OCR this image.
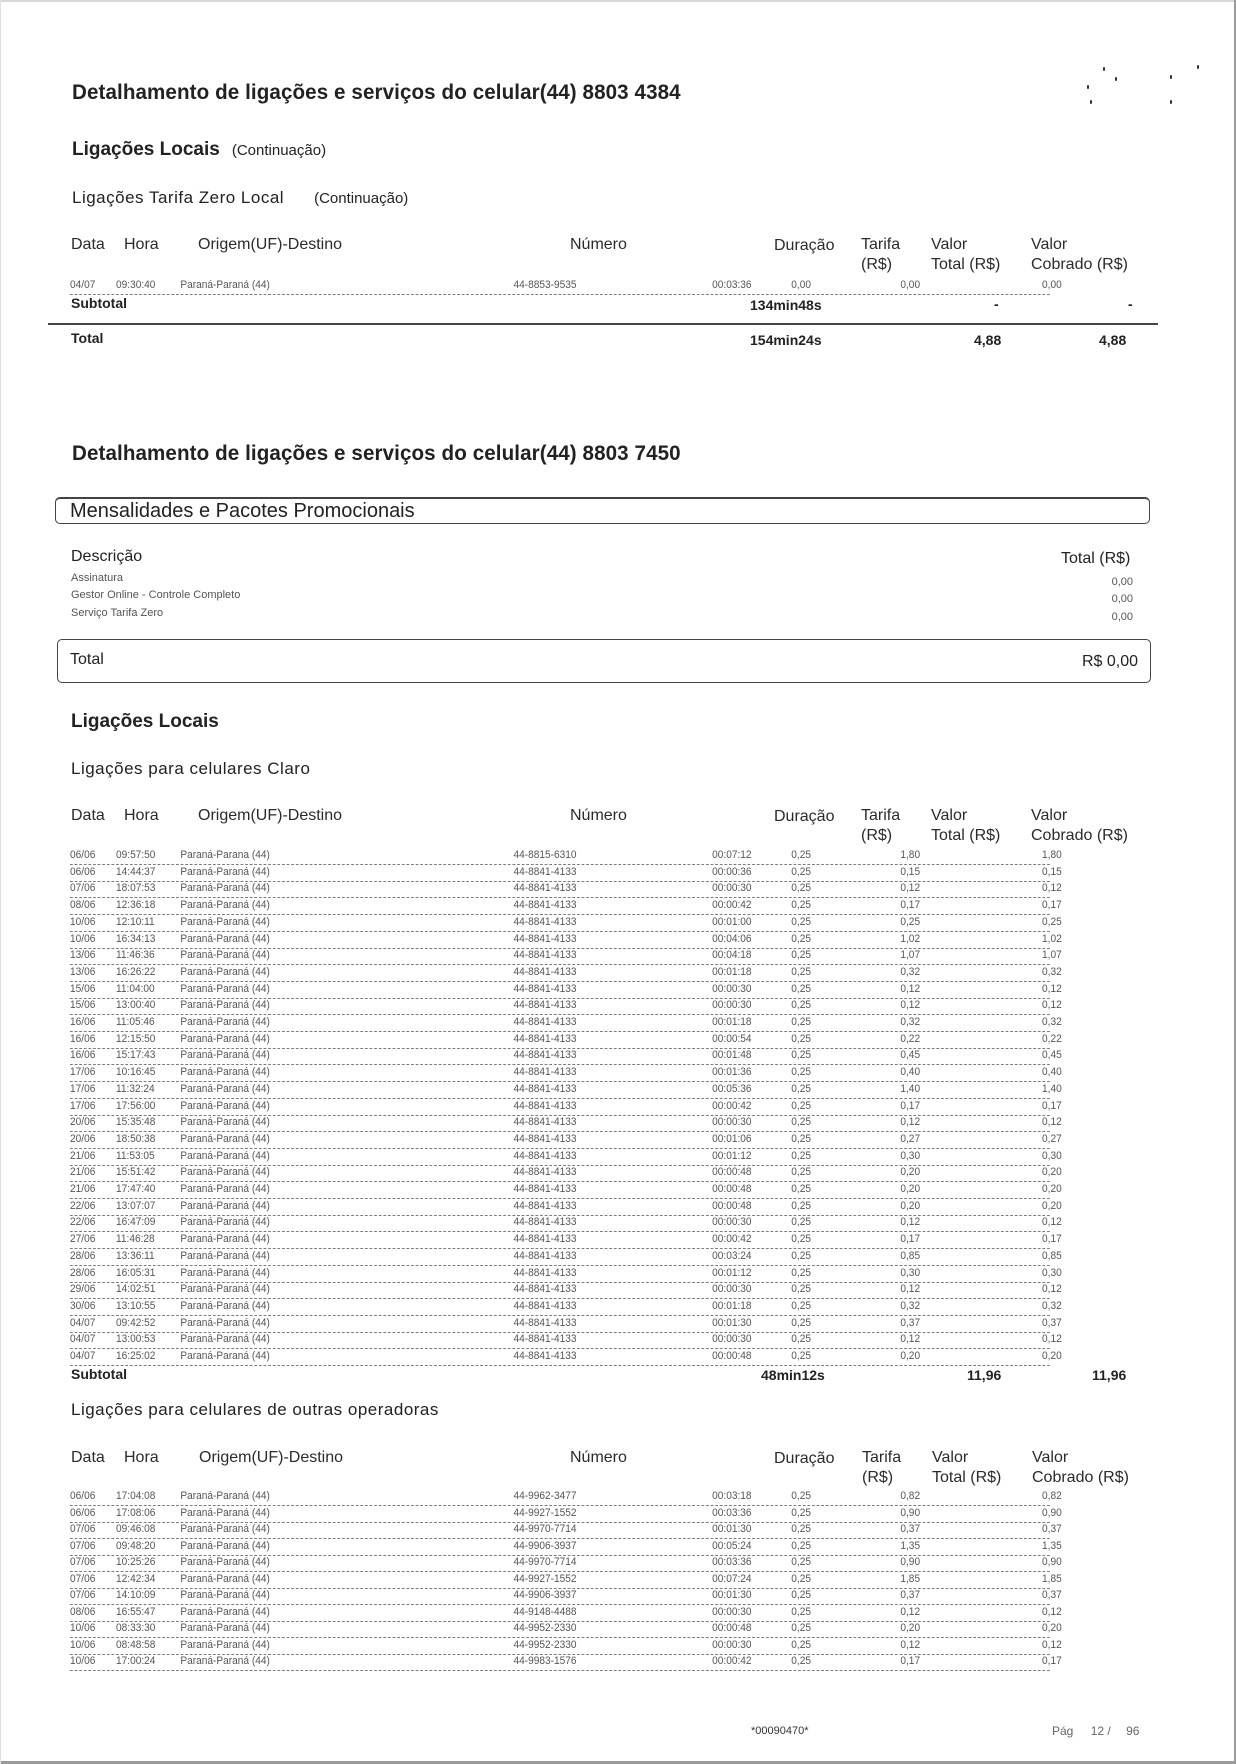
Detalhamento de ligações e serviços do celular(44) 8803 4384
Ligações Locais (Continuação)
Ligações Tarifa Zero Local (Continuação)
Data Hora Origem(UF)-Destino	Número	Duração Tarifa
(R$)
Valor
Total (R$)
Valor
Cobrado (R$)
04/07 09:30:40 Paraná-Paraná (44)	44-8853-9535	00:03:36	0,00	0,00	0,00
Subtotal	134min48s	-	-
Total	154min24s	4,88	4,88
Detalhamento de ligações e serviços do celular(44) 8803 7450
Mensalidades e Pacotes Promocionais
Descrição	Total (R$)
Assinatura	0,00
Gestor Online - Controle Completo	0,00
Serviço Tarifa Zero	0,00
Total	R$ 0,00
Ligações Locais
Ligações para celulares Claro
Data Hora Origem(UF)-Destino	Número	Duração Tarifa
(R$)
Valor
Total (R$)
Valor
Cobrado (R$)
06/06 09:57:50 Paraná-Parana (44)	44-8815-6310	00:07:12	0,25	1,80	1,80
06/06 14:44:37 Paraná-Paraná (44)	44-8841-4133	00:00:36	0,25	0,15	0,15
07/06 18:07:53 Paraná-Paraná (44)	44-8841-4133	00:00:30	0,25	0,12	0,12
08/06 12:36:18 Paraná-Paraná (44)	44-8841-4133	00:00:42	0,25	0,17	0,17
10/06 12:10:11 Paraná-Paraná (44)	44-8841-4133	00:01:00	0,25	0,25	0,25
10/06 16:34:13 Paraná-Paraná (44)	44-8841-4133	00:04:06	0,25	1,02	1,02
13/06 11:46:36 Paraná-Paraná (44)	44-8841-4133	00:04:18	0,25	1,07	1,07
13/06 16:26:22 Paraná-Paraná (44)	44-8841-4133	00:01:18	0,25	0,32	0,32
15/06 11:04:00 Paraná-Paraná (44)	44-8841-4133	00:00:30	0,25	0,12	0,12
15/06 13:00:40 Paraná-Paraná (44)	44-8841-4133	00:00:30	0,25	0,12	0,12
16/06 11:05:46 Paraná-Paraná (44)	44-8841-4133	00:01:18	0,25	0,32	0,32
16/06 12:15:50 Paraná-Paraná (44)	44-8841-4133	00:00:54	0,25	0,22	0,22
16/06 15:17:43 Paraná-Paraná (44)	44-8841-4133	00:01:48	0,25	0,45	0,45
17/06 10:16:45 Paraná-Paraná (44)	44-8841-4133	00:01:36	0,25	0,40	0,40
17/06 11:32:24 Paraná-Paraná (44)	44-8841-4133	00:05:36	0,25	1,40	1,40
17/06 17:56:00 Paraná-Paraná (44)	44-8841-4133	00:00:42	0,25	0,17	0,17
20/06 15:35:48 Paraná-Paraná (44)	44-8841-4133	00:00:30	0,25	0,12	0,12
20/06 18:50:38 Paraná-Paraná (44)	44-8841-4133	00:01:06	0,25	0,27	0,27
21/06 11:53:05 Paraná-Paraná (44)	44-8841-4133	00:01:12	0,25	0,30	0,30
21/06 15:51:42 Paraná-Paraná (44)	44-8841-4133	00:00:48	0,25	0,20	0,20
21/06 17:47:40 Paraná-Paraná (44)	44-8841-4133	00:00:48	0,25	0,20	0,20
22/06 13:07:07 Paraná-Paraná (44)	44-8841-4133	00:00:48	0,25	0,20	0,20
22/06 16:47:09 Paraná-Paraná (44)	44-8841-4133	00:00:30	0,25	0,12	0,12
27/06 11:46:28 Paraná-Paraná (44)	44-8841-4133	00:00:42	0,25	0,17	0,17
28/06 13:36:11 Paraná-Paraná (44)	44-8841-4133	00:03:24	0,25	0,85	0,85
28/06 16:05:31 Paraná-Paraná (44)	44-8841-4133	00:01:12	0,25	0,30	0,30
29/06 14:02:51 Paraná-Paraná (44)	44-8841-4133	00:00:30	0,25	0,12	0,12
30/06 13:10:55 Paraná-Paraná (44)	44-8841-4133	00:01:18	0,25	0,32	0,32
04/07 09:42:52 Paraná-Paraná (44)	44-8841-4133	00:01:30	0,25	0,37	0,37
04/07 13:00:53 Paraná-Paraná (44)	44-8841-4133	00:00:30	0,25	0,12	0,12
04/07 16:25:02 Paraná-Paraná (44)	44-8841-4133	00:00:48	0,25	0,20	0,20
Subtotal	48min12s	11,96	11,96
Ligações para celulares de outras operadoras
Data Hora	Origem(UF)-Destino	Número	Duração Tarifa
(R$)
Valor
Total (R$)
Valor
Cobrado (R$)
06/06 17:04:08 Paraná-Paraná (44)	44-9962-3477	00:03:18	0,25	0,82	0,82
06/06 17:08:06 Paraná-Paraná (44)	44-9927-1552	00:03:36	0,25	0,90	0,90
07/06 09:46:08 Paraná-Paraná (44)	44-9970-7714	00:01:30	0,25	0,37	0,37
07/06 09:48:20 Paraná-Paraná (44)	44-9906-3937	00:05:24	0,25	1,35	1,35
07/06 10:25:26 Paraná-Paraná (44)	44-9970-7714	00:03:36	0,25	0,90	0,90
07/06 12:42:34 Paraná-Paraná (44)	44-9927-1552	00:07:24	0,25	1,85	1,85
07/06 14:10:09 Paraná-Paraná (44)	44-9906-3937	00:01:30	0,25	0,37	0,37
08/06 16:55:47 Paraná-Paraná (44)	44-9148-4488	00:00:30	0,25	0,12	0,12
10/06 08:33:30 Paraná-Paraná (44)	44-9952-2330	00:00:48	0,25	0,20	0,20
10/06 08:48:58 Paraná-Paraná (44)	44-9952-2330	00:00:30	0,25	0,12	0,12
10/06 17:00:24 Paraná-Paraná (44)	44-9983-1576	00:00:42	0,25	0,17	0,17
*00090470*	Pág 12 / 96
